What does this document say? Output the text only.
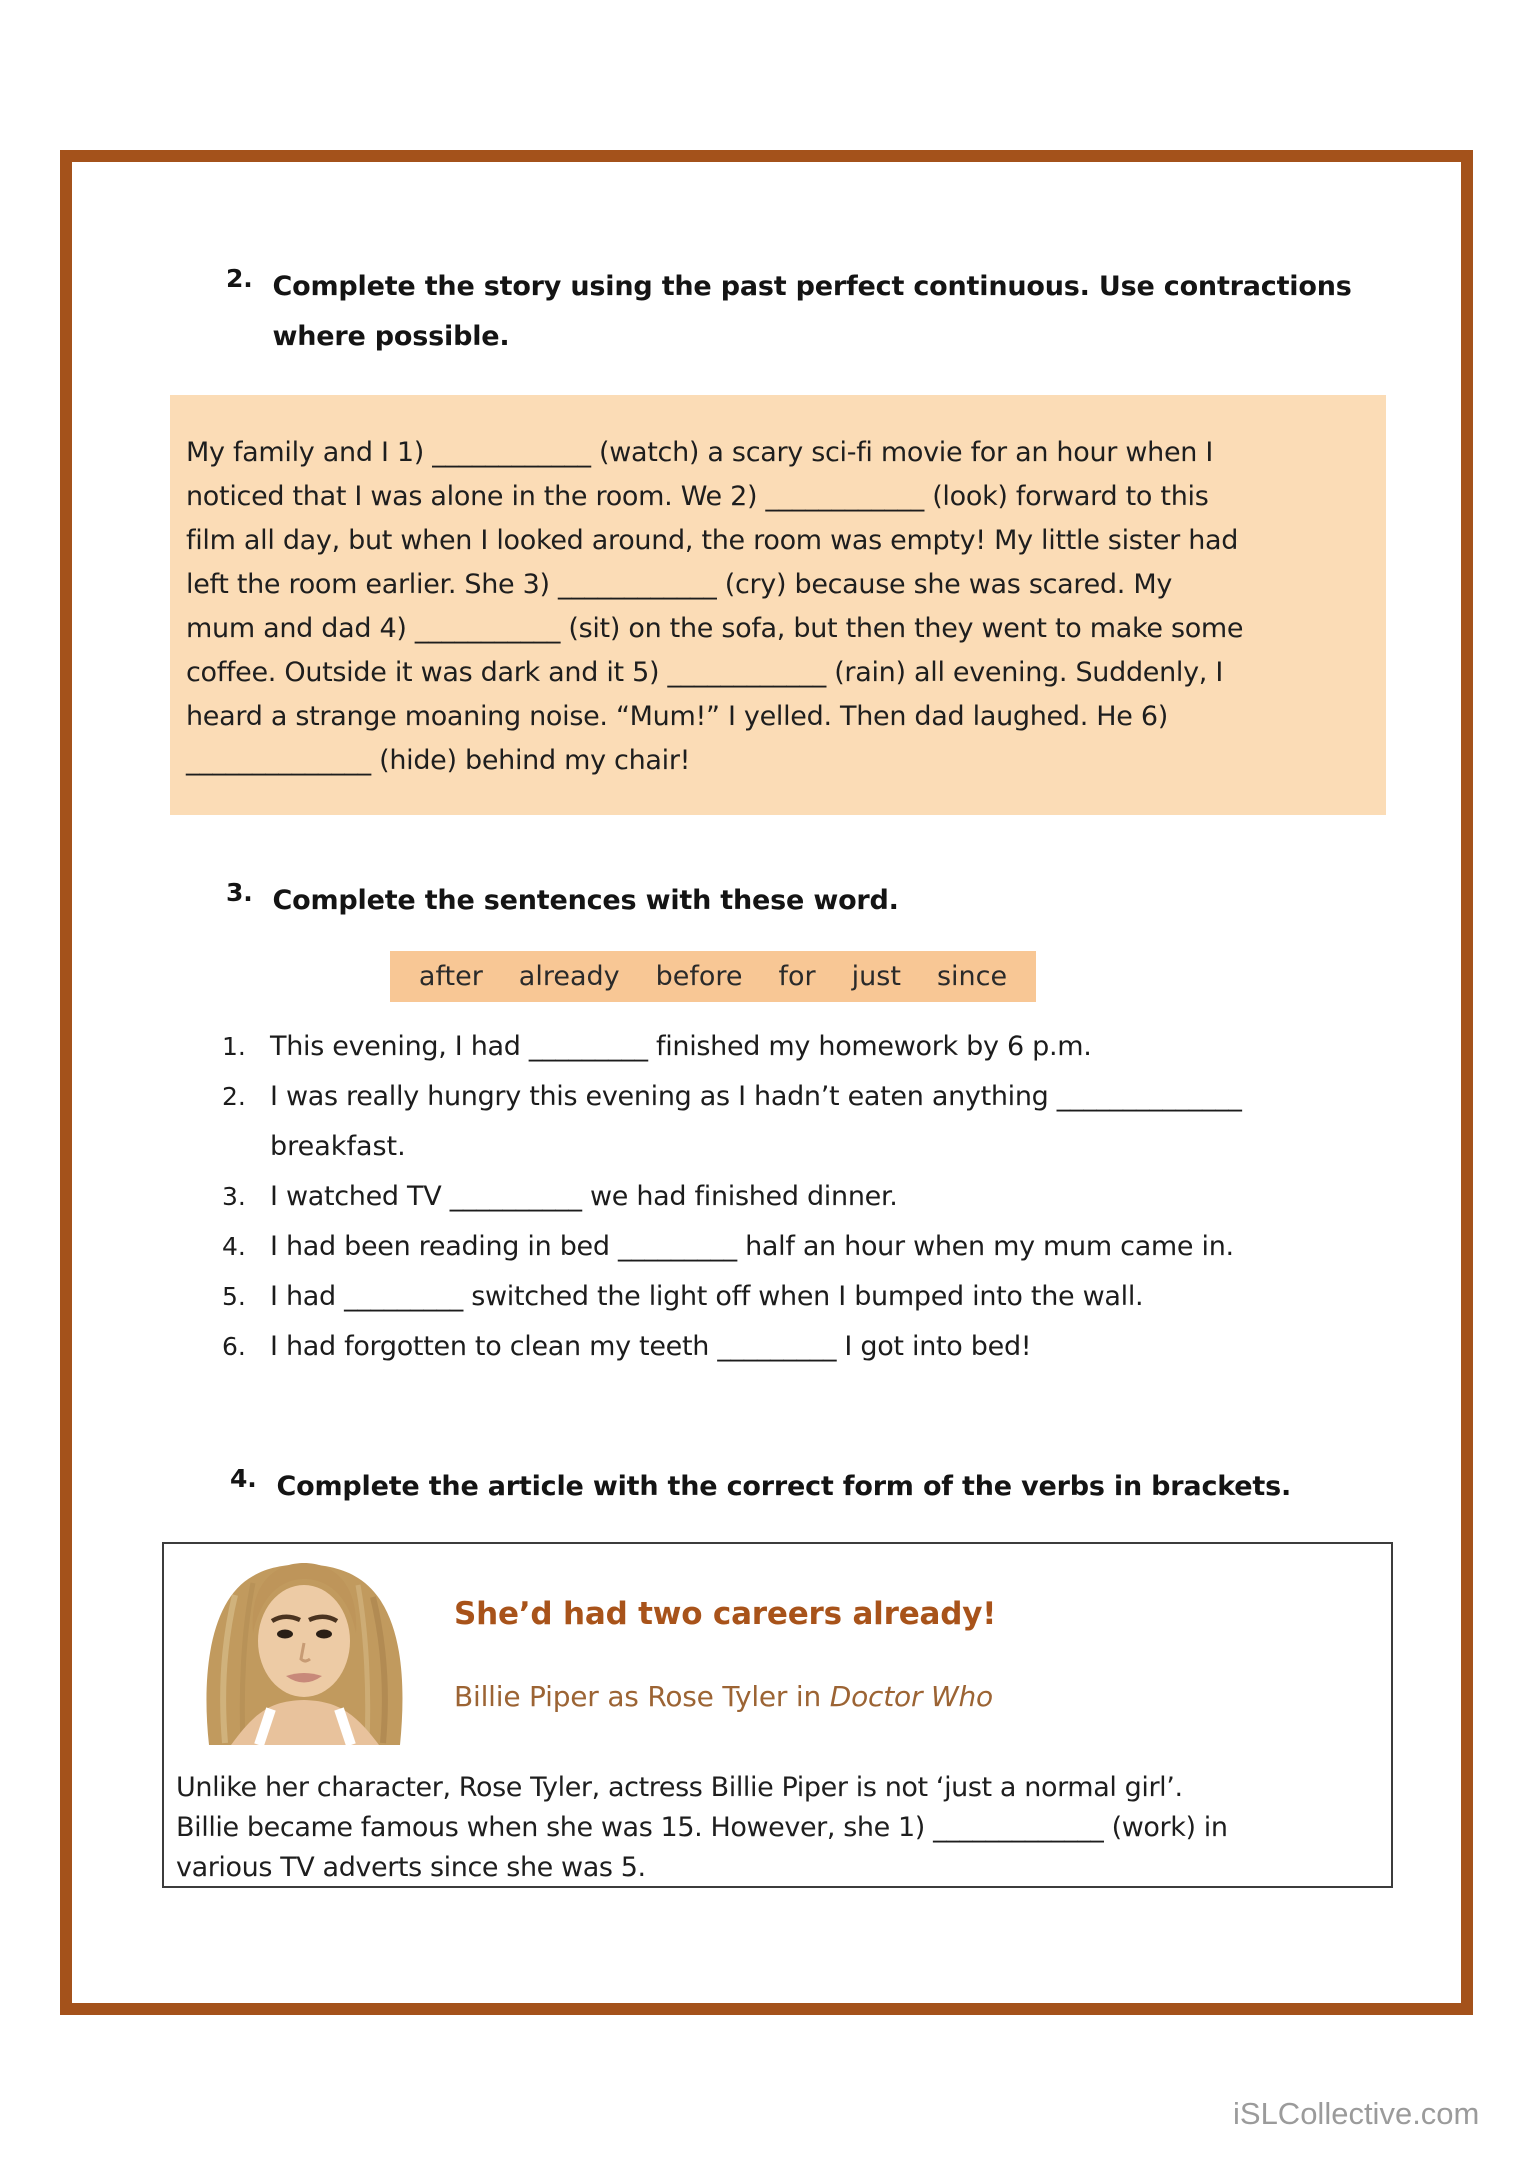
2. Complete the story using the past perfect continuous. Use contractions
where possible.
My family and I 1) ____________ (watch) a scary sci-fi movie for an hour when I
noticed that I was alone in the room. We 2) ____________ (look) forward to this
film all day, but when I looked around, the room was empty! My little sister had
left the room earlier. She 3) ____________ (cry) because she was scared. My
mum and dad 4) ___________ (sit) on the sofa, but then they went to make some
coffee. Outside it was dark and it 5) ____________ (rain) all evening. Suddenly, I
heard a strange moaning noise. “Mum!” I yelled. Then dad laughed. He 6)
______________ (hide) behind my chair!
3. Complete the sentences with these word.
after already before for just since
1. This evening, I had _________ finished my homework by 6 p.m.
2. I was really hungry this evening as I hadn’t eaten anything ______________
breakfast.
3. I watched TV __________ we had finished dinner.
4. I had been reading in bed _________ half an hour when my mum came in.
5. I had _________ switched the light off when I bumped into the wall.
6. I had forgotten to clean my teeth _________ I got into bed!
4. Complete the article with the correct form of the verbs in brackets.
She’d had two careers already!
Billie Piper as Rose Tyler in Doctor Who
Unlike her character, Rose Tyler, actress Billie Piper is not ‘just a normal girl’.
Billie became famous when she was 15. However, she 1) _____________ (work) in
various TV adverts since she was 5.
iSLCollective.com
